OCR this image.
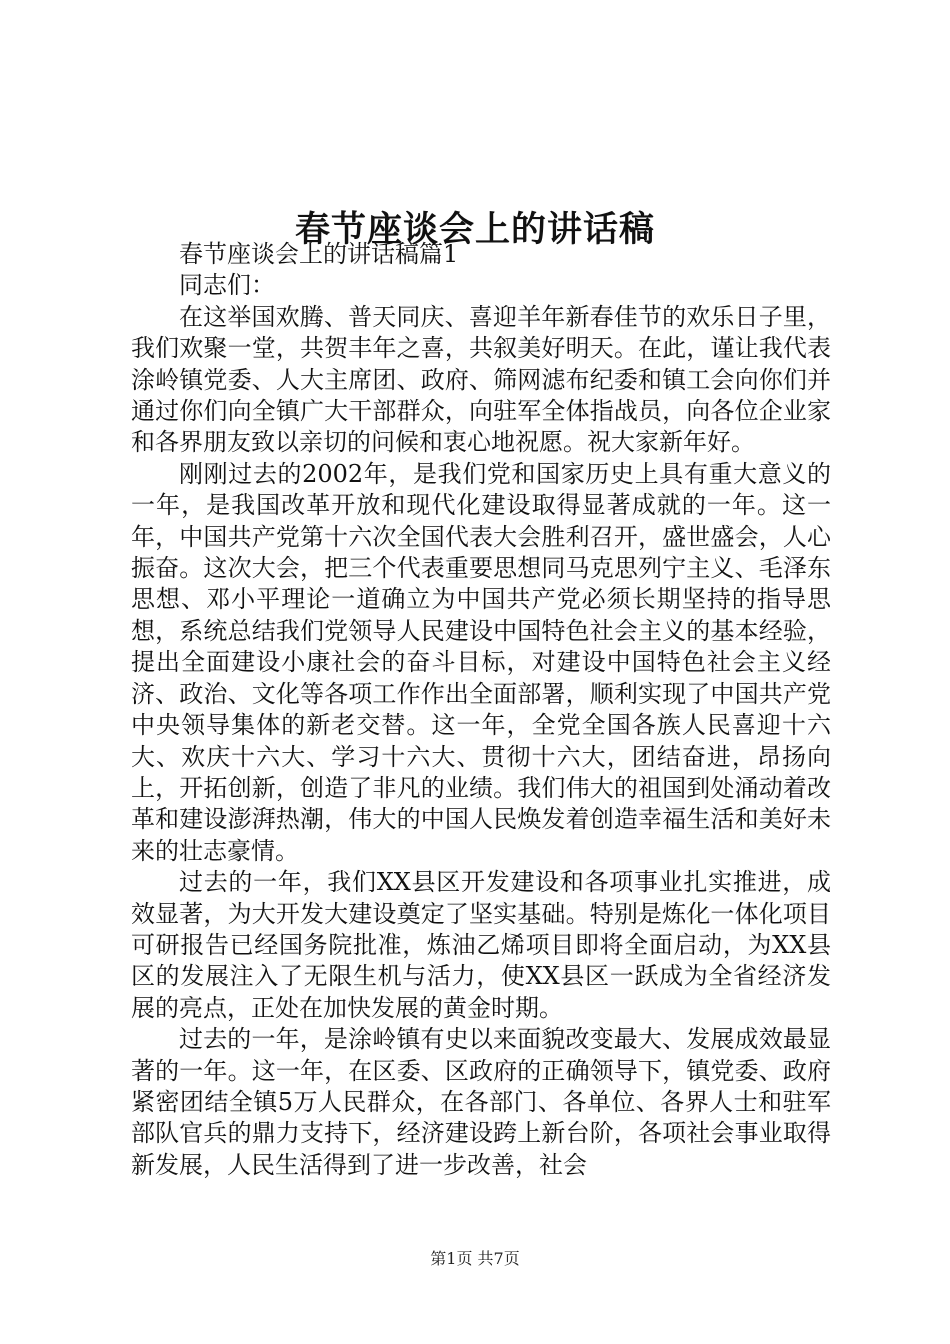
春节座谈会上的讲话稿

春节座谈会上的讲话稿篇1

同志们：

在这举国欢腾、普天同庆、喜迎羊年新春佳节的欢乐日子里，我们欢聚一堂，共贺丰年之喜，共叙美好明天。在此，谨让我代表涂岭镇党委、人大主席团、政府、筛网滤布纪委和镇工会向你们并通过你们向全镇广大干部群众，向驻军全体指战员，向各位企业家和各界朋友致以亲切的问候和衷心地祝愿。祝大家新年好。

刚刚过去的2002年，是我们党和国家历史上具有重大意义的一年，是我国改革开放和现代化建设取得显著成就的一年。这一年，中国共产党第十六次全国代表大会胜利召开，盛世盛会，人心振奋。这次大会，把三个代表重要思想同马克思列宁主义、毛泽东思想、邓小平理论一道确立为中国共产党必须长期坚持的指导思想，系统总结我们党领导人民建设中国特色社会主义的基本经验，提出全面建设小康社会的奋斗目标，对建设中国特色社会主义经济、政治、文化等各项工作作出全面部署，顺利实现了中国共产党中央领导集体的新老交替。这一年，全党全国各族人民喜迎十六大、欢庆十六大、学习十六大、贯彻十六大，团结奋进，昂扬向上，开拓创新，创造了非凡的业绩。我们伟大的祖国到处涌动着改革和建设澎湃热潮，伟大的中国人民焕发着创造幸福生活和美好未来的壮志豪情。

过去的一年，我们XX县区开发建设和各项事业扎实推进，成效显著，为大开发大建设奠定了坚实基础。特别是炼化一体化项目可研报告已经国务院批准，炼油乙烯项目即将全面启动，为XX县区的发展注入了无限生机与活力，使XX县区一跃成为全省经济发展的亮点，正处在加快发展的黄金时期。

过去的一年，是涂岭镇有史以来面貌改变最大、发展成效最显著的一年。这一年，在区委、区政府的正确领导下，镇党委、政府紧密团结全镇5万人民群众，在各部门、各单位、各界人士和驻军部队官兵的鼎力支持下，经济建设跨上新台阶，各项社会事业取得新发展，人民生活得到了进一步改善，社会

第1页 共7页
